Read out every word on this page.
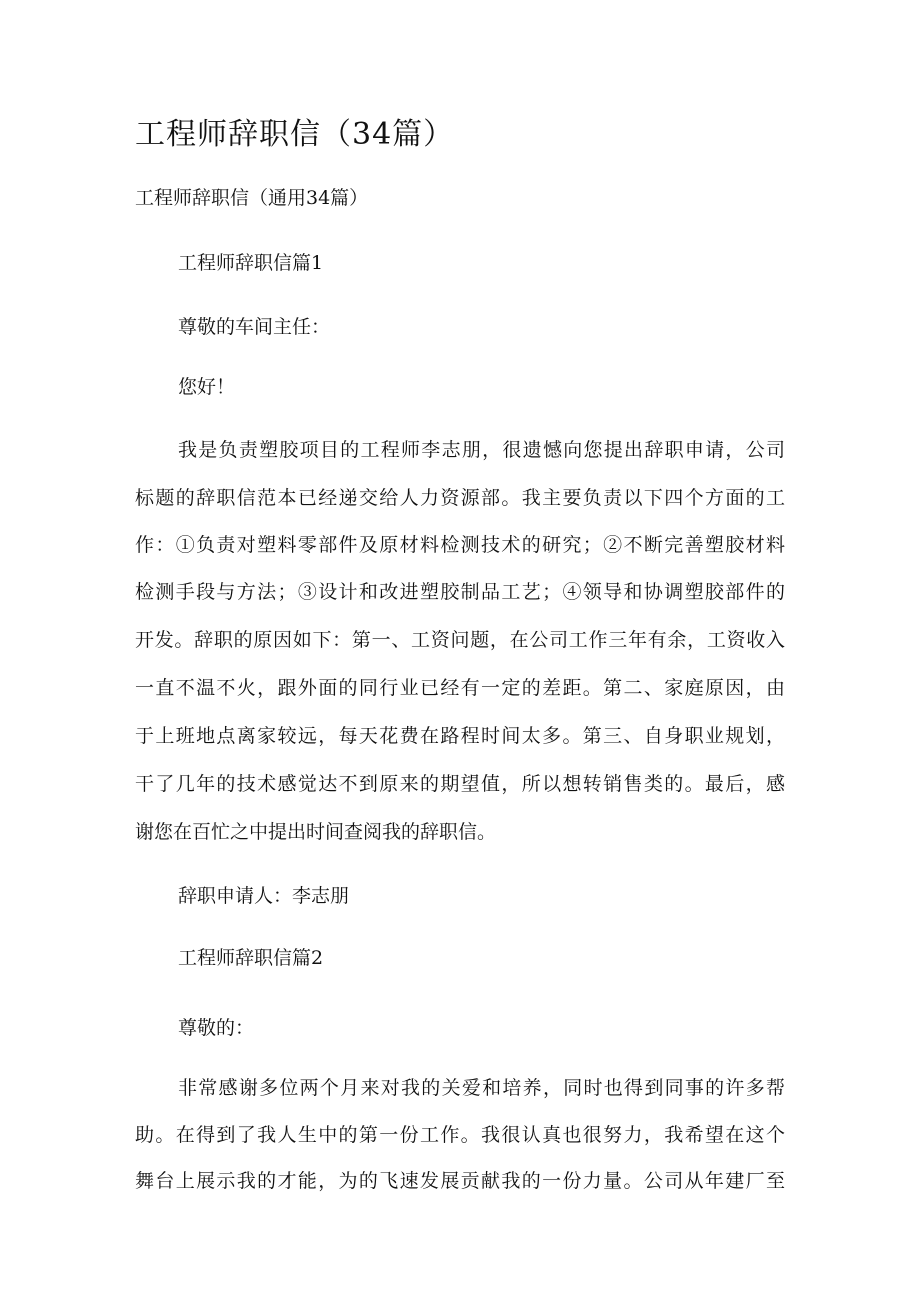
工程师辞职信（34篇）
工程师辞职信（通用34篇）
工程师辞职信篇1
尊敬的车间主任：
您好！
我是负责塑胶项目的工程师李志朋，很遗憾向您提出辞职申请，公司
标题的辞职信范本已经递交给人力资源部。我主要负责以下四个方面的工
作：①负责对塑料零部件及原材料检测技术的研究；②不断完善塑胶材料
检测手段与方法；③设计和改进塑胶制品工艺；④领导和协调塑胶部件的
开发。辞职的原因如下：第一、工资问题，在公司工作三年有余，工资收入
一直不温不火，跟外面的同行业已经有一定的差距。第二、家庭原因，由
于上班地点离家较远，每天花费在路程时间太多。第三、自身职业规划，
干了几年的技术感觉达不到原来的期望值，所以想转销售类的。最后，感
谢您在百忙之中提出时间查阅我的辞职信。
辞职申请人：李志朋
工程师辞职信篇2
尊敬的：
非常感谢多位两个月来对我的关爱和培养，同时也得到同事的许多帮
助。在得到了我人生中的第一份工作。我很认真也很努力，我希望在这个
舞台上展示我的才能，为的飞速发展贡献我的一份力量。公司从年建厂至
